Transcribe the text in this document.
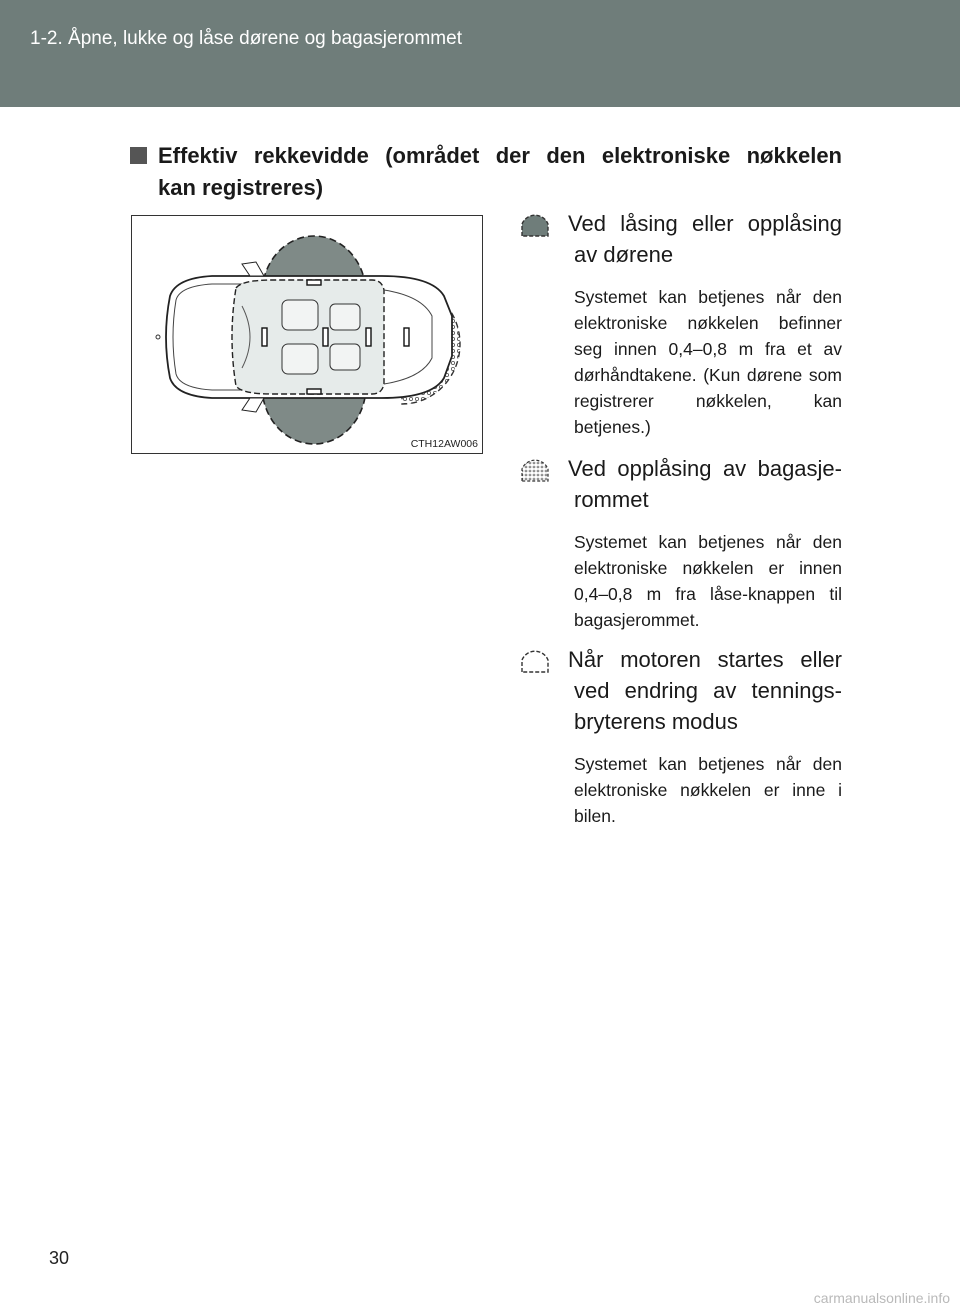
1-2. Åpne, lukke og låse dørene og bagasjerommet
Effektiv rekkevidde (området der den elektroniske nøkkelen
kan registreres)
CTH12AW006
Ved låsing eller opplåsing
av dørene
Systemet kan betjenes når den elektroniske nøkkelen befinner seg innen 0,4–0,8 m fra et av dørhåndtakene. (Kun dørene som registrerer nøkkelen, kan betjenes.)
Ved opplåsing av bagasje-
rommet
Systemet kan betjenes når den elektroniske nøkkelen er innen 0,4–0,8 m fra låse-knappen til bagasjerommet.
Når motoren startes eller
ved endring av tennings-
bryterens modus
Systemet kan betjenes når den elektroniske nøkkelen er inne i bilen.
30
carmanualsonline.info
